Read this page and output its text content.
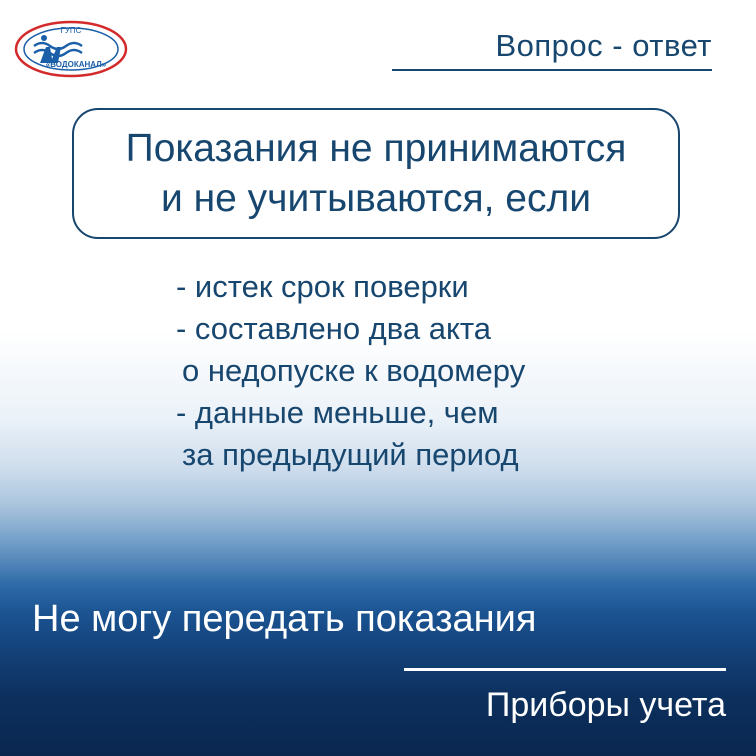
ГУПС
«ВОДОКАНАЛ»
Вопрос - ответ
Показания не принимаются
и не учитываются, если
- истек срок поверки
- составлено два акта
о недопуске к водомеру
- данные меньше, чем
за предыдущий период
Не могу передать показания
Приборы учета
